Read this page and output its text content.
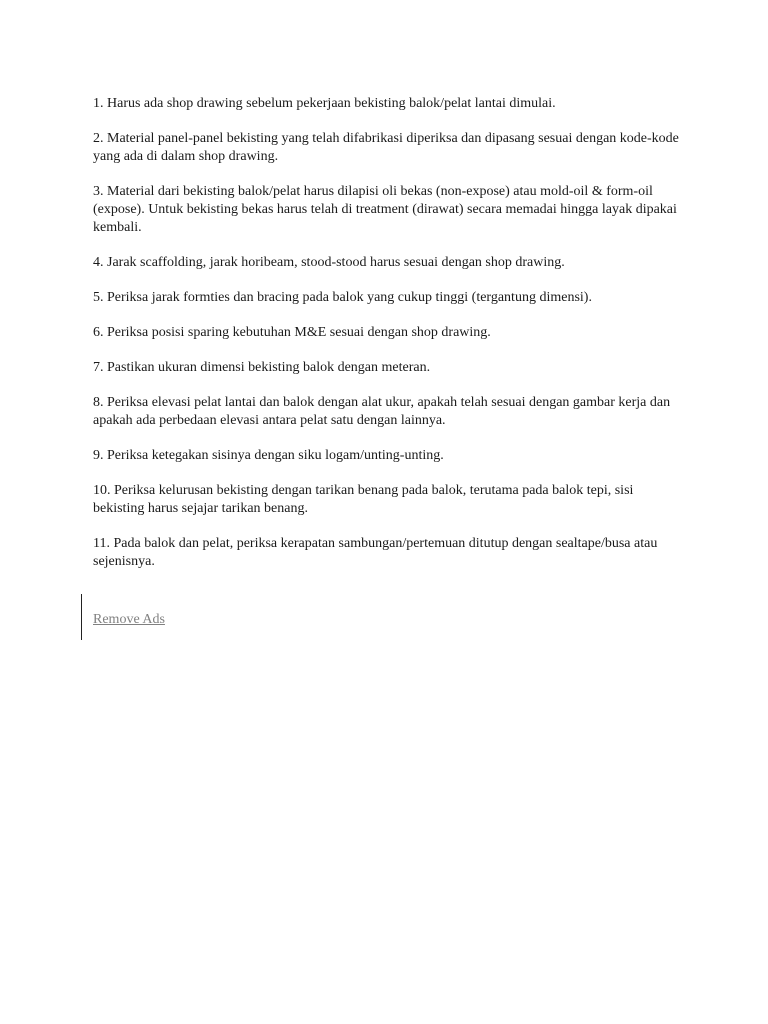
1. Harus ada shop drawing sebelum pekerjaan bekisting balok/pelat lantai dimulai.

2. Material panel-panel bekisting yang telah difabrikasi diperiksa dan dipasang sesuai dengan kode-kode yang ada di dalam shop drawing.

3. Material dari bekisting balok/pelat harus dilapisi oli bekas (non-expose) atau mold-oil & form-oil (expose). Untuk bekisting bekas harus telah di treatment (dirawat) secara memadai hingga layak dipakai kembali.

4. Jarak scaffolding, jarak horibeam, stood-stood harus sesuai dengan shop drawing.

5. Periksa jarak formties dan bracing pada balok yang cukup tinggi (tergantung dimensi).

6. Periksa posisi sparing kebutuhan M&E sesuai dengan shop drawing.

7. Pastikan ukuran dimensi bekisting balok dengan meteran.

8. Periksa elevasi pelat lantai dan balok dengan alat ukur, apakah telah sesuai dengan gambar kerja dan apakah ada perbedaan elevasi antara pelat satu dengan lainnya.

9. Periksa ketegakan sisinya dengan siku logam/unting-unting.

10. Periksa kelurusan bekisting dengan tarikan benang pada balok, terutama pada balok tepi, sisi bekisting harus sejajar tarikan benang.

11. Pada balok dan pelat, periksa kerapatan sambungan/pertemuan ditutup dengan sealtape/busa atau sejenisnya.

Remove Ads
